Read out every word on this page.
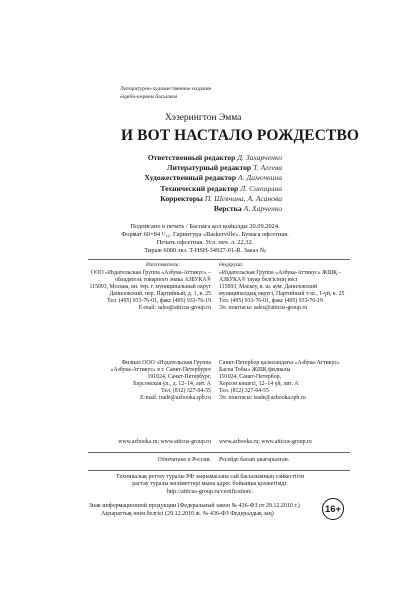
Литературно-художественное издание
Әдеби-көркем басылым
Хэзерингтон Эмма
И ВОТ НАСТАЛО РОЖДЕСТВО
Ответственный редактор Д. Захарченко
Литературный редактор Т. Агеева
Художественный редактор А. Дамочкина
Технический редактор Л. Синицына
Корректоры П. Шевчина, А. Асанова
Верстка А. Харченко
Подписано в печать / Баспаға қол қойылды 20.09.2024.
Формат 60×84 ¹/₁₆. Гарнитура «Baskerville». Бумага офсетная.
Печать офсетная. Усл. печ. л. 22,32.
Тираж 6000 экз. T-HSH-34927-01-R. Заказ №
Изготовитель:	Өндіруші:
ООО «Издательская Группа «Азбука-Аттикус» –
обладатель товарного знака АЗБУКА®
115093, Москва, вн. тер. г. муниципальный округ
Даниловский, пер. Партийный, д. 1, к. 25
Тел. (495) 933-76-01, факс (495) 933-76-19
E-mail: sales@atticus-group.ru
«Издательская Группа «Азбука-Аттикус» ЖШҚ –
АЗБУКА® тауар белгісінің иесі
115093, Мәскеу, в. ш. аум. Даниловский
муниципалдық округі, Партийный т-ш., 1-үй, к. 25
Тел. (495) 933-76-01, факс (495) 933-76-19
Эл. поштасы: sales@atticus-group.ru
Филиал ООО «Издательская Группа
«Азбука-Аттикус» в г. Санкт-Петербурге
191024, Санкт-Петербург,
Херсонская ул., д. 12–14, лит. А
Тел. (812) 327-04-55
E-mail: trade@azbooka.spb.ru
Санкт-Петербор қаласындағы «Азбука-Аттикус»
Баспа Тобы» ЖШҚ филиалы
191024, Санкт-Петербор,
Херсон көшесі, 12–14 үй, лит. А
Тел. (812) 327-04-55
Эл. поштасы: trade@azbooka.spb.ru
www.azbooka.ru; www.atticus-group.ru www.azbooka.ru; www.atticus-group.ru
Отпечатано в России. Ресейде басып шығарылған.
Техникалық реттеу туралы РФ заңнамасына сай басылымның сәйкестігін
растау туралы мәліметтері мына адрес бойынша қолжетімді:
http://atticus-group.ru/certification/.
Знак информационной продукции (Федеральный закон № 436-ФЗ от 29.12.2010 г.)
Ақпараттық өнім белгісі (29.12.2010 ж. № 436-ФЗ Федералдық заң)	16+
